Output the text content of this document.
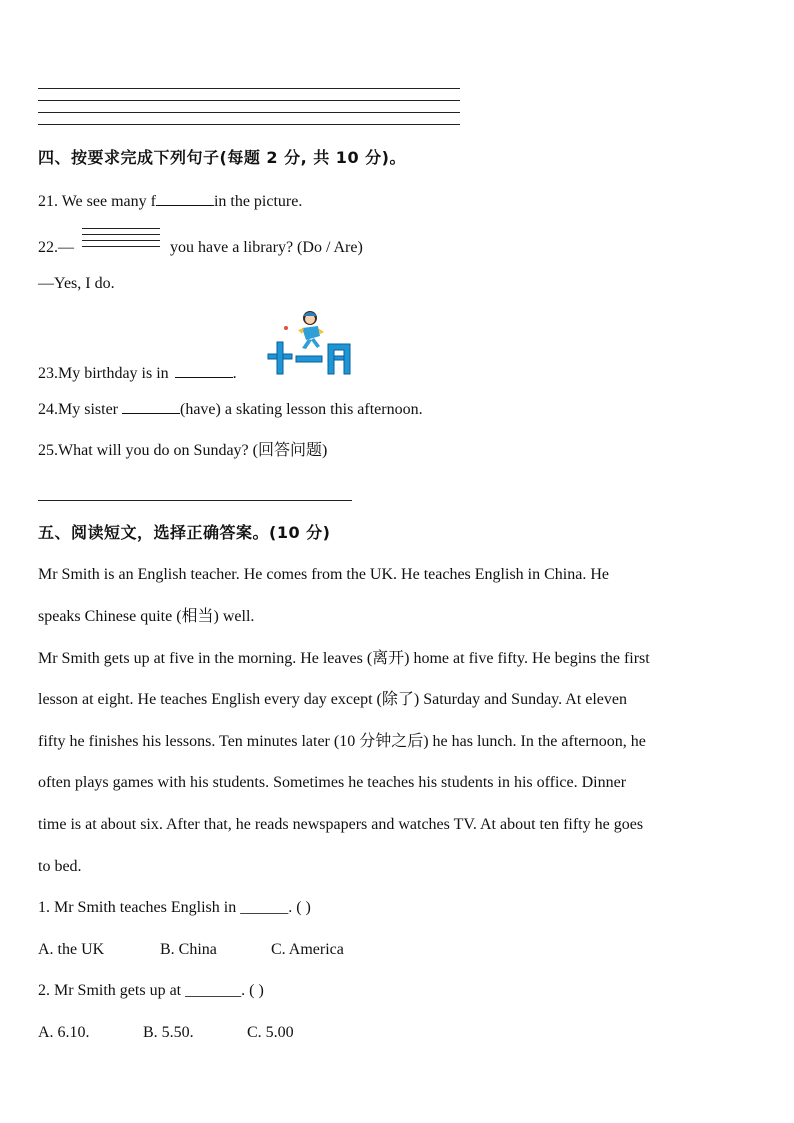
四、按要求完成下列句子(每题 2 分, 共 10 分)。
21. We see many f	in the picture.
22.—	you have a library? (Do / Are)
—Yes, I do.
23.My birthday is in	.
24.My sister	(have) a skating lesson this afternoon.
25.What will you do on Sunday? (回答问题)
五、阅读短文，选择正确答案。(10 分)
Mr Smith is an English teacher. He comes from the UK. He teaches English in China. He
speaks Chinese quite (相当) well.
Mr Smith gets up at five in the morning. He leaves (离开) home at five fifty. He begins the first
lesson at eight. He teaches English every day except (除了) Saturday and Sunday. At eleven
fifty he finishes his lessons. Ten minutes later (10 分钟之后) he has lunch. In the afternoon, he
often plays games with his students. Sometimes he teaches his students in his office. Dinner
time is at about six. After that, he reads newspapers and watches TV. At about ten fifty he goes
to bed.
1. Mr Smith teaches English in ______. ( )
A. the UK	B. China	C. America
2. Mr Smith gets up at _______. ( )
A. 6.10.	B. 5.50.	C. 5.00
